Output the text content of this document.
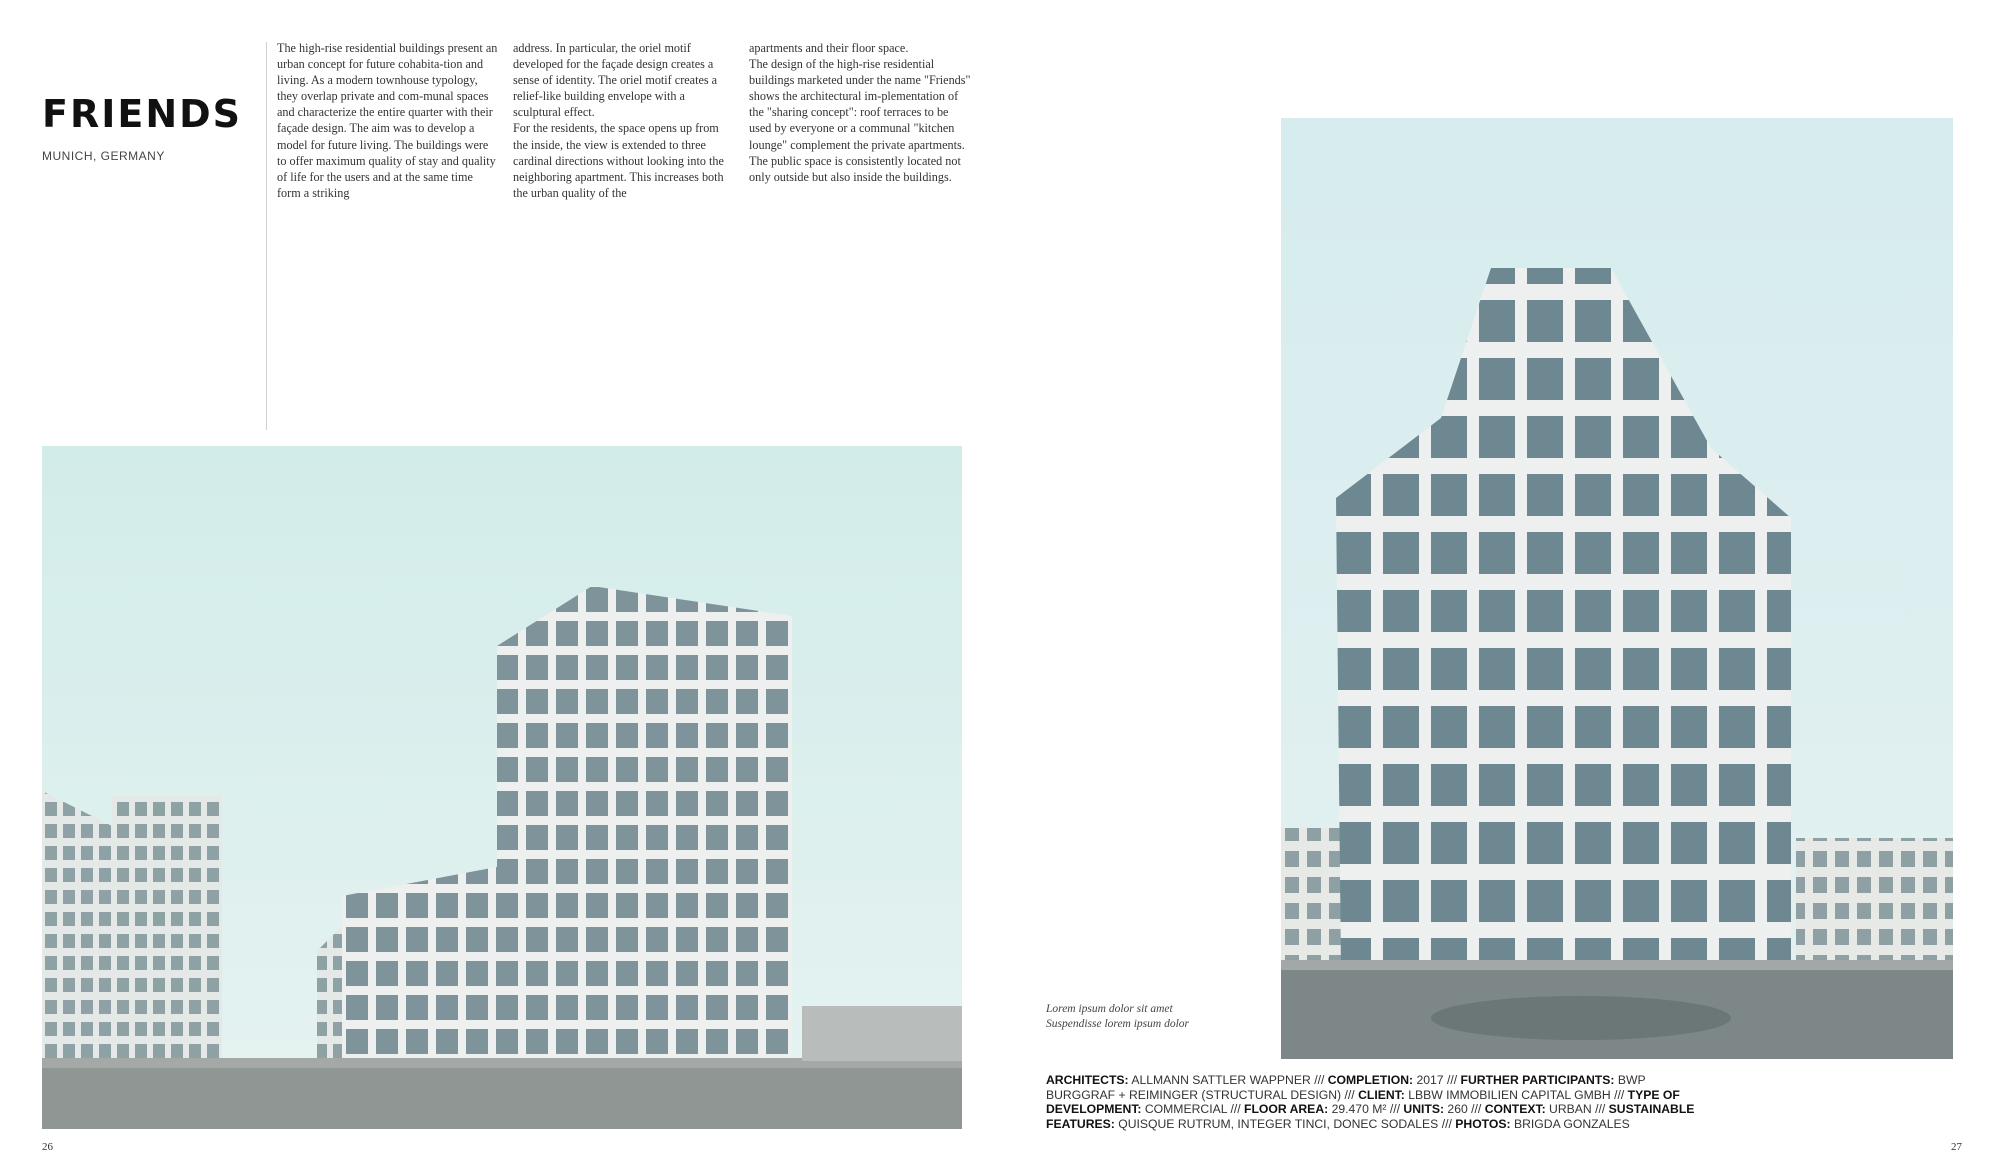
FRIENDS
MUNICH, GERMANY

The high-rise residential buildings present an urban concept for future cohabita-tion and living. As a modern townhouse typology, they overlap private and com-munal spaces and characterize the entire quarter with their façade design. The aim was to develop a model for future living. The buildings were to offer maximum quality of stay and quality of life for the users and at the same time form a striking

address. In particular, the oriel motif developed for the façade design creates a sense of identity. The oriel motif creates a relief-like building envelope with a sculptural effect.

For the residents, the space opens up from the inside, the view is extended to three cardinal directions without looking into the neighboring apartment. This increases both the urban quality of the

apartments and their floor space.

The design of the high-rise residential buildings marketed under the name "Friends" shows the architectural im-plementation of the "sharing concept": roof terraces to be used by everyone or a communal "kitchen lounge" complement the private apartments. The public space is consistently located not only outside but also inside the buildings.

Lorem ipsum dolor sit amet
Suspendisse lorem ipsum dolor
ARCHITECTS: ALLMANN SATTLER WAPPNER /// COMPLETION: 2017 /// FURTHER PARTICIPANTS: BWP BURGGRAF + REIMINGER (STRUCTURAL DESIGN) /// CLIENT: LBBW IMMOBILIEN CAPITAL GMBH /// TYPE OF DEVELOPMENT: COMMERCIAL /// FLOOR AREA: 29.470 M² /// UNITS: 260 /// CONTEXT: URBAN /// SUSTAINABLE FEATURES: QUISQUE RUTRUM, INTEGER TINCI, DONEC SODALES /// PHOTOS: BRIGDA GONZALES
26	27
